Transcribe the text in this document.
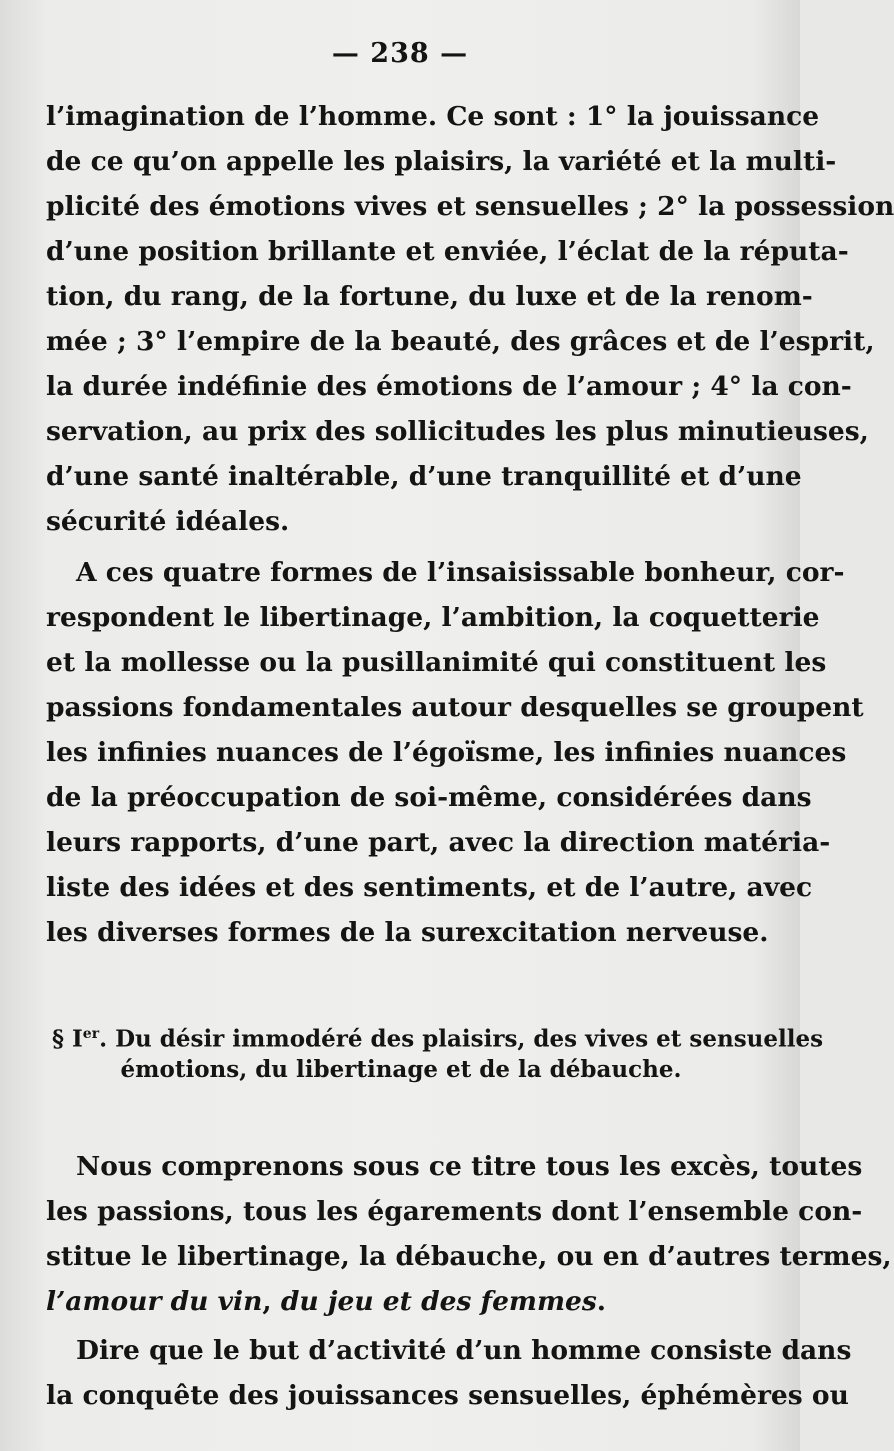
— 238 —
l’imagination de l’homme. Ce sont : 1° la jouissance
de ce qu’on appelle les plaisirs, la variété et la multi-
plicité des émotions vives et sensuelles ; 2° la possession
d’une position brillante et enviée, l’éclat de la réputa-
tion, du rang, de la fortune, du luxe et de la renom-
mée ; 3° l’empire de la beauté, des grâces et de l’esprit,
la durée indéfinie des émotions de l’amour ; 4° la con-
servation, au prix des sollicitudes les plus minutieuses,
d’une santé inaltérable, d’une tranquillité et d’une
sécurité idéales.
A ces quatre formes de l’insaisissable bonheur, cor-
respondent le libertinage, l’ambition, la coquetterie
et la mollesse ou la pusillanimité qui constituent les
passions fondamentales autour desquelles se groupent
les infinies nuances de l’égoïsme, les infinies nuances
de la préoccupation de soi-même, considérées dans
leurs rapports, d’une part, avec la direction matéria-
liste des idées et des sentiments, et de l’autre, avec
les diverses formes de la surexcitation nerveuse.
§ Ier. Du désir immodéré des plaisirs, des vives et sensuelles
émotions, du libertinage et de la débauche.
Nous comprenons sous ce titre tous les excès, toutes
les passions, tous les égarements dont l’ensemble con-
stitue le libertinage, la débauche, ou en d’autres termes,
l’amour du vin, du jeu et des femmes.
Dire que le but d’activité d’un homme consiste dans
la conquête des jouissances sensuelles, éphémères ou
